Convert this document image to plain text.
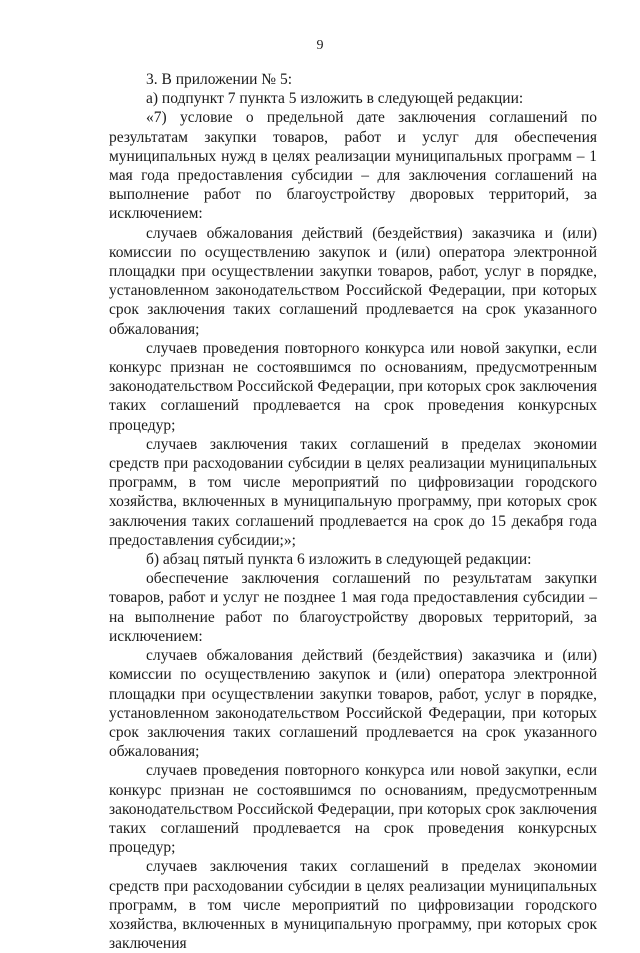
9

3. В приложении № 5:

а) подпункт 7 пункта 5 изложить в следующей редакции:

«7) условие о предельной дате заключения соглашений по результатам закупки товаров, работ и услуг для обеспечения муниципальных нужд в целях реализации муниципальных программ – 1 мая года предоставления субсидии – для заключения соглашений на выполнение работ по благоустройству дворовых территорий, за исключением:

случаев обжалования действий (бездействия) заказчика и (или) комиссии по осуществлению закупок и (или) оператора электронной площадки при осуществлении закупки товаров, работ, услуг в порядке, установленном законодательством Российской Федерации, при которых срок заключения таких соглашений продлевается на срок указанного обжалования;

случаев проведения повторного конкурса или новой закупки, если конкурс признан не состоявшимся по основаниям, предусмотренным законодательством Российской Федерации, при которых срок заключения таких соглашений продлевается на срок проведения конкурсных процедур;

случаев заключения таких соглашений в пределах экономии средств при расходовании субсидии в целях реализации муниципальных программ, в том числе мероприятий по цифровизации городского хозяйства, включенных в муниципальную программу, при которых срок заключения таких соглашений продлевается на срок до 15 декабря года предоставления субсидии;»;

б) абзац пятый пункта 6 изложить в следующей редакции:

обеспечение заключения соглашений по результатам закупки товаров, работ и услуг не позднее 1 мая года предоставления субсидии – на выполнение работ по благоустройству дворовых территорий, за исключением:

случаев обжалования действий (бездействия) заказчика и (или) комиссии по осуществлению закупок и (или) оператора электронной площадки при осуществлении закупки товаров, работ, услуг в порядке, установленном законодательством Российской Федерации, при которых срок заключения таких соглашений продлевается на срок указанного обжалования;

случаев проведения повторного конкурса или новой закупки, если конкурс признан не состоявшимся по основаниям, предусмотренным законодательством Российской Федерации, при которых срок заключения таких соглашений продлевается на срок проведения конкурсных процедур;

случаев заключения таких соглашений в пределах экономии средств при расходовании субсидии в целях реализации муниципальных программ, в том числе мероприятий по цифровизации городского хозяйства, включенных в муниципальную программу, при которых срок заключения
